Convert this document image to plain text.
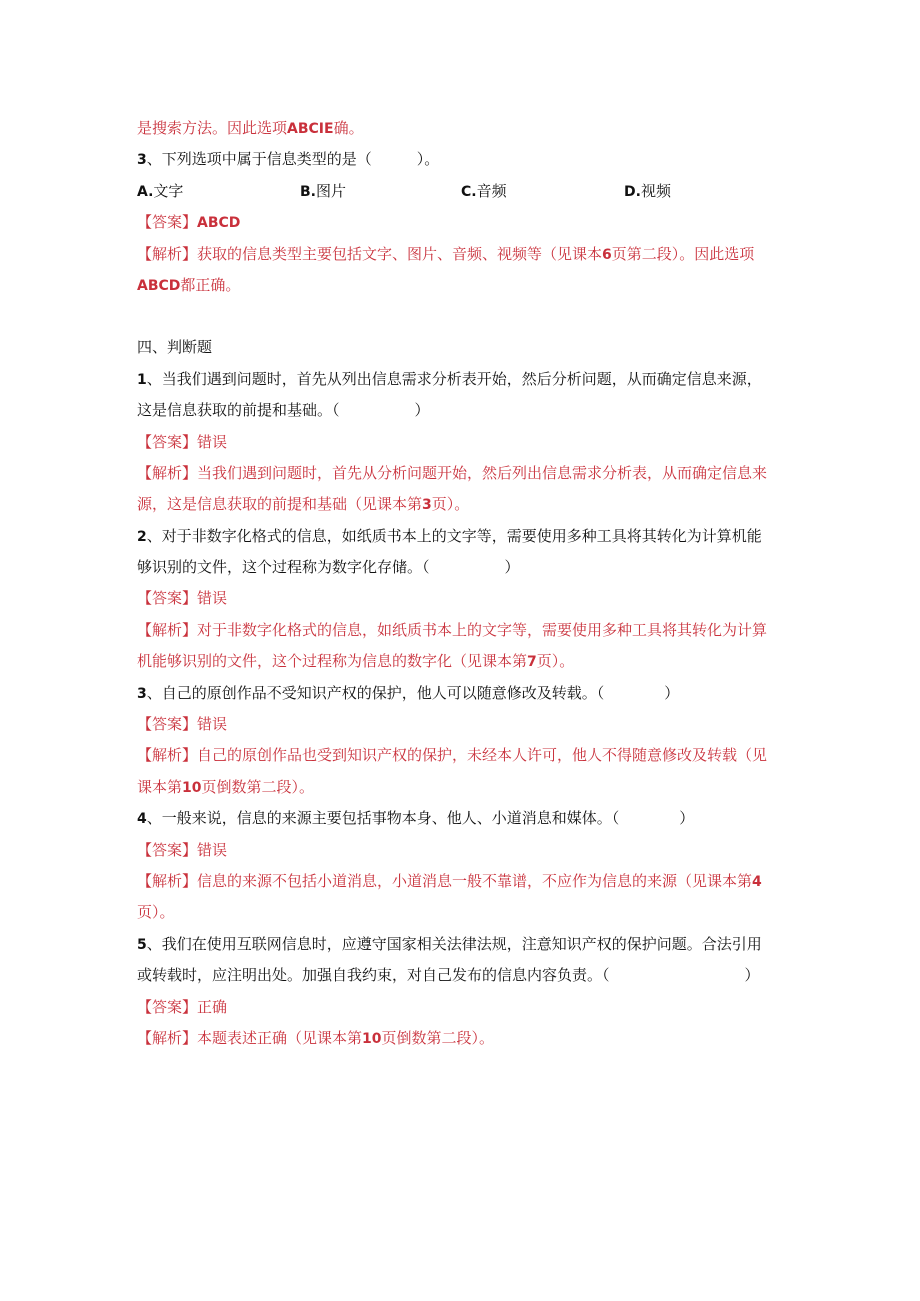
是搜索方法。因此选项ABCIE确。
3、下列选项中属于信息类型的是（　　　）。
A.文字	B.图片	C.音频	D.视频
【答案】ABCD
【解析】获取的信息类型主要包括文字、图片、音频、视频等（见课本6页第二段）。因此选项
ABCD都正确。
四、判断题
1、当我们遇到问题时，首先从列出信息需求分析表开始，然后分析问题，从而确定信息来源，
这是信息获取的前提和基础。（　　　　　）
【答案】错误
【解析】当我们遇到问题时，首先从分析问题开始，然后列出信息需求分析表，从而确定信息来
源，这是信息获取的前提和基础（见课本第3页）。
2、对于非数字化格式的信息，如纸质书本上的文字等，需要使用多种工具将其转化为计算机能
够识别的文件，这个过程称为数字化存储。（　　　　　）
【答案】错误
【解析】对于非数字化格式的信息，如纸质书本上的文字等，需要使用多种工具将其转化为计算
机能够识别的文件，这个过程称为信息的数字化（见课本第7页）。
3、自己的原创作品不受知识产权的保护，他人可以随意修改及转载。（　　　　）
【答案】错误
【解析】自己的原创作品也受到知识产权的保护，未经本人许可，他人不得随意修改及转载（见
课本第10页倒数第二段）。
4、一般来说，信息的来源主要包括事物本身、他人、小道消息和媒体。（　　　　）
【答案】错误
【解析】信息的来源不包括小道消息，小道消息一般不靠谱，不应作为信息的来源（见课本第4
页）。
5、我们在使用互联网信息时，应遵守国家相关法律法规，注意知识产权的保护问题。合法引用
或转载时，应注明出处。加强自我约束，对自己发布的信息内容负责。（　　　　　　　　　）
【答案】正确
【解析】本题表述正确（见课本第10页倒数第二段）。
